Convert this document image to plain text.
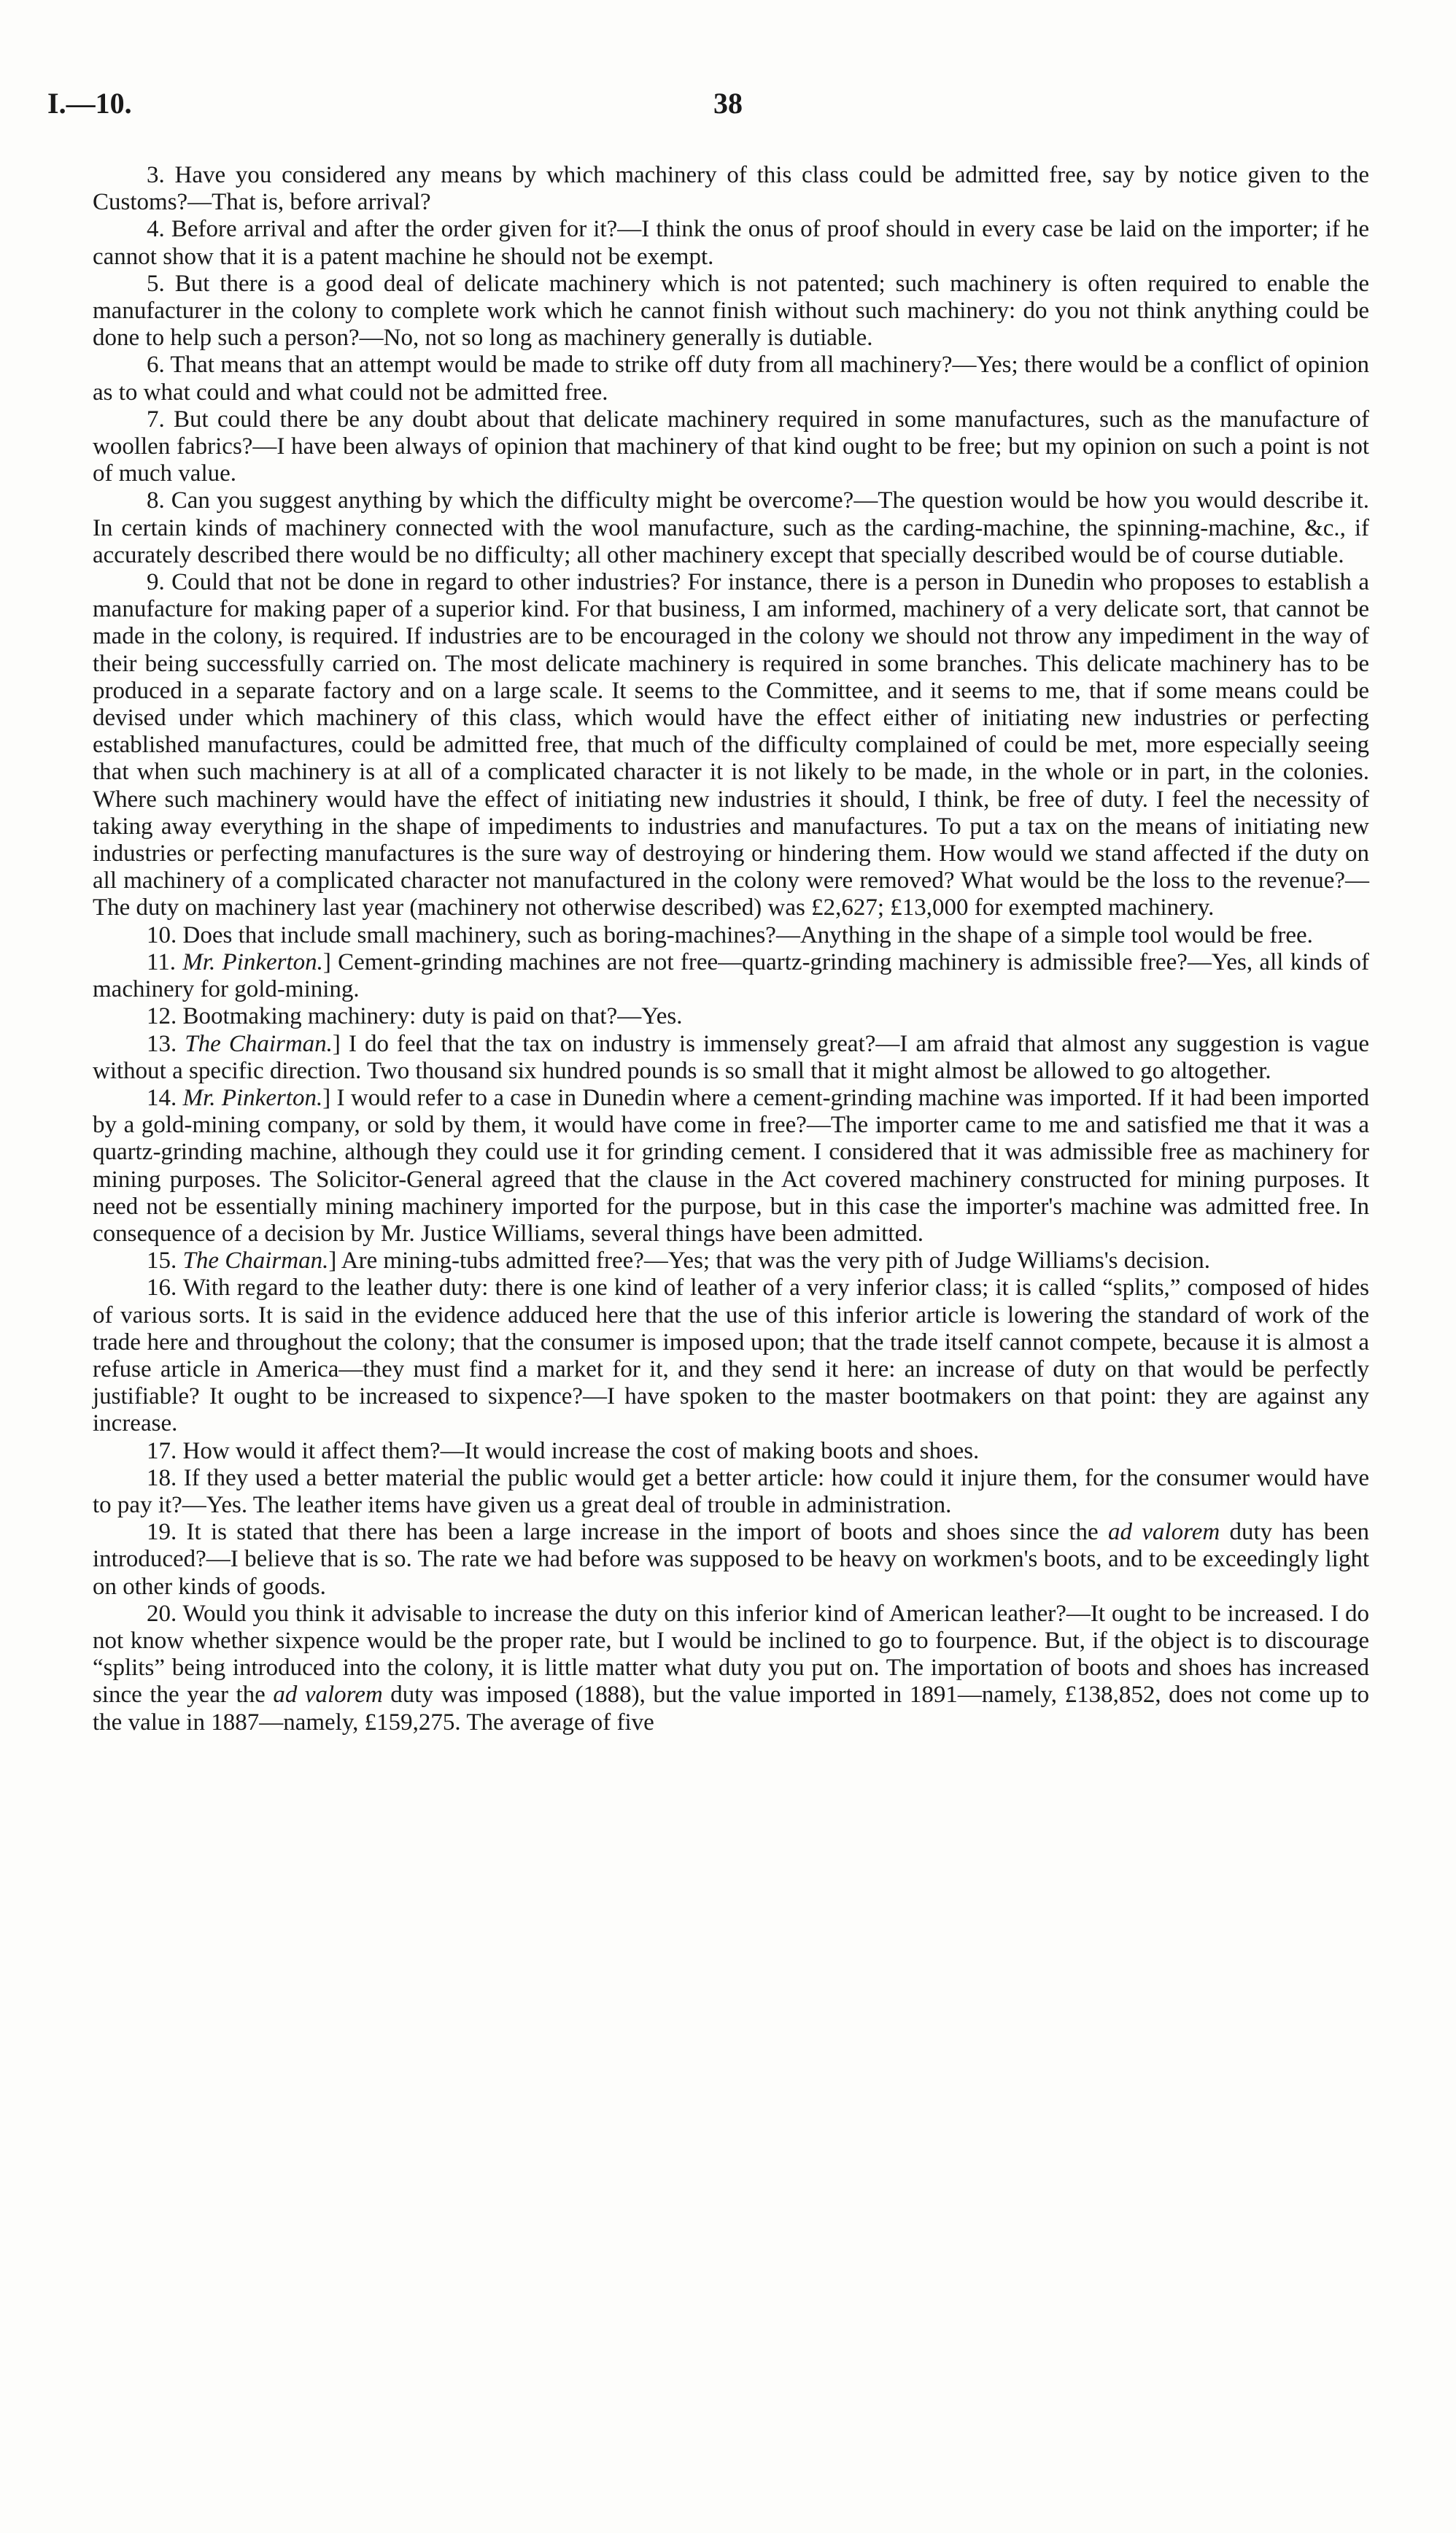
I.—10.	38

3. Have you considered any means by which machinery of this class could be admitted free, say by notice given to the Customs?—That is, before arrival?

4. Before arrival and after the order given for it?—I think the onus of proof should in every case be laid on the importer; if he cannot show that it is a patent machine he should not be exempt.

5. But there is a good deal of delicate machinery which is not patented; such machinery is often required to enable the manufacturer in the colony to complete work which he cannot finish without such machinery: do you not think anything could be done to help such a person?—No, not so long as machinery generally is dutiable.

6. That means that an attempt would be made to strike off duty from all machinery?—Yes; there would be a conflict of opinion as to what could and what could not be admitted free.

7. But could there be any doubt about that delicate machinery required in some manufactures, such as the manufacture of woollen fabrics?—I have been always of opinion that machinery of that kind ought to be free; but my opinion on such a point is not of much value.

8. Can you suggest anything by which the difficulty might be overcome?—The question would be how you would describe it. In certain kinds of machinery connected with the wool manufacture, such as the carding-machine, the spinning-machine, &c., if accurately described there would be no difficulty; all other machinery except that specially described would be of course dutiable.

9. Could that not be done in regard to other industries? For instance, there is a person in Dunedin who proposes to establish a manufacture for making paper of a superior kind. For that business, I am informed, machinery of a very delicate sort, that cannot be made in the colony, is required. If industries are to be encouraged in the colony we should not throw any impediment in the way of their being successfully carried on. The most delicate machinery is required in some branches. This delicate machinery has to be produced in a separate factory and on a large scale. It seems to the Committee, and it seems to me, that if some means could be devised under which machinery of this class, which would have the effect either of initiating new industries or perfecting established manufactures, could be admitted free, that much of the difficulty complained of could be met, more especially seeing that when such machinery is at all of a complicated character it is not likely to be made, in the whole or in part, in the colonies. Where such machinery would have the effect of initiating new industries it should, I think, be free of duty. I feel the necessity of taking away everything in the shape of impediments to industries and manufactures. To put a tax on the means of initiating new industries or perfecting manufactures is the sure way of destroying or hindering them. How would we stand affected if the duty on all machinery of a complicated character not manufactured in the colony were removed? What would be the loss to the revenue?—The duty on machinery last year (machinery not otherwise described) was £2,627; £13,000 for exempted machinery.

10. Does that include small machinery, such as boring-machines?—Anything in the shape of a simple tool would be free.

11. Mr. Pinkerton.] Cement-grinding machines are not free—quartz-grinding machinery is admissible free?—Yes, all kinds of machinery for gold-mining.

12. Bootmaking machinery: duty is paid on that?—Yes.

13. The Chairman.] I do feel that the tax on industry is immensely great?—I am afraid that almost any suggestion is vague without a specific direction. Two thousand six hundred pounds is so small that it might almost be allowed to go altogether.

14. Mr. Pinkerton.] I would refer to a case in Dunedin where a cement-grinding machine was imported. If it had been imported by a gold-mining company, or sold by them, it would have come in free?—The importer came to me and satisfied me that it was a quartz-grinding machine, although they could use it for grinding cement. I considered that it was admissible free as machinery for mining purposes. The Solicitor-General agreed that the clause in the Act covered machinery constructed for mining purposes. It need not be essentially mining machinery imported for the purpose, but in this case the importer's machine was admitted free. In consequence of a decision by Mr. Justice Williams, several things have been admitted.

15. The Chairman.] Are mining-tubs admitted free?—Yes; that was the very pith of Judge Williams's decision.

16. With regard to the leather duty: there is one kind of leather of a very inferior class; it is called “splits,” composed of hides of various sorts. It is said in the evidence adduced here that the use of this inferior article is lowering the standard of work of the trade here and throughout the colony; that the consumer is imposed upon; that the trade itself cannot compete, because it is almost a refuse article in America—they must find a market for it, and they send it here: an increase of duty on that would be perfectly justifiable? It ought to be increased to sixpence?—I have spoken to the master bootmakers on that point: they are against any increase.

17. How would it affect them?—It would increase the cost of making boots and shoes.

18. If they used a better material the public would get a better article: how could it injure them, for the consumer would have to pay it?—Yes. The leather items have given us a great deal of trouble in administration.

19. It is stated that there has been a large increase in the import of boots and shoes since the ad valorem duty has been introduced?—I believe that is so. The rate we had before was supposed to be heavy on workmen's boots, and to be exceedingly light on other kinds of goods.

20. Would you think it advisable to increase the duty on this inferior kind of American leather?—It ought to be increased. I do not know whether sixpence would be the proper rate, but I would be inclined to go to fourpence. But, if the object is to discourage “splits” being introduced into the colony, it is little matter what duty you put on. The importation of boots and shoes has increased since the year the ad valorem duty was imposed (1888), but the value imported in 1891—namely, £138,852, does not come up to the value in 1887—namely, £159,275. The average of five
